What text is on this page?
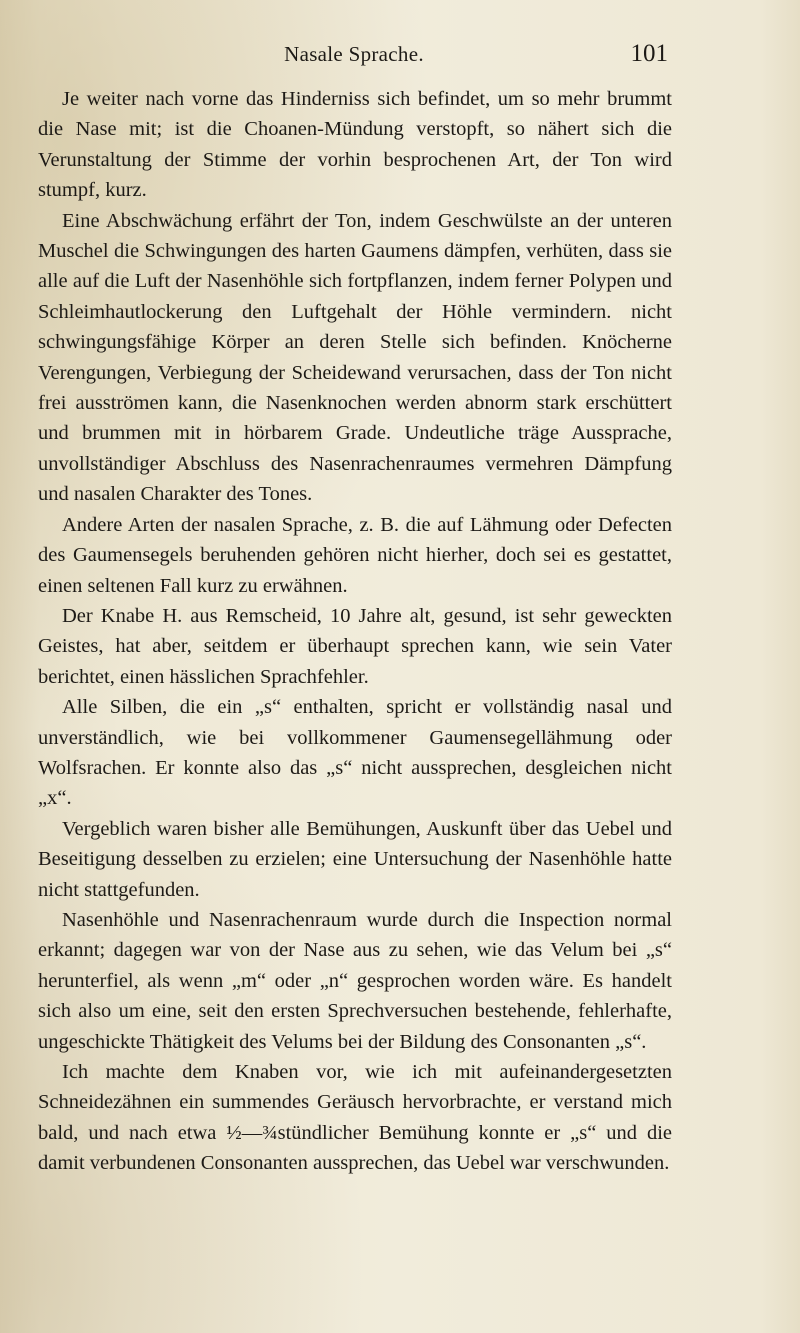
Nasale Sprache.	101

Je weiter nach vorne das Hinderniss sich befindet, um so mehr brummt die Nase mit; ist die Choanen-Mündung verstopft, so nähert sich die Verunstaltung der Stimme der vorhin besprochenen Art, der Ton wird stumpf, kurz.

Eine Abschwächung erfährt der Ton, indem Geschwülste an der unteren Muschel die Schwingungen des harten Gaumens dämpfen, verhüten, dass sie alle auf die Luft der Nasenhöhle sich fortpflanzen, indem ferner Polypen und Schleimhautlockerung den Luftgehalt der Höhle vermindern. nicht schwingungsfähige Körper an deren Stelle sich befinden. Knöcherne Verengungen, Verbiegung der Scheidewand verursachen, dass der Ton nicht frei ausströmen kann, die Nasenknochen werden abnorm stark erschüttert und brummen mit in hörbarem Grade. Undeutliche träge Aussprache, unvollständiger Abschluss des Nasenrachenraumes vermehren Dämpfung und nasalen Charakter des Tones.

Andere Arten der nasalen Sprache, z. B. die auf Lähmung oder Defecten des Gaumensegels beruhenden gehören nicht hierher, doch sei es gestattet, einen seltenen Fall kurz zu erwähnen.

Der Knabe H. aus Remscheid, 10 Jahre alt, gesund, ist sehr geweckten Geistes, hat aber, seitdem er überhaupt sprechen kann, wie sein Vater berichtet, einen hässlichen Sprachfehler.

Alle Silben, die ein „s“ enthalten, spricht er vollständig nasal und unverständlich, wie bei vollkommener Gaumensegellähmung oder Wolfsrachen. Er konnte also das „s“ nicht aussprechen, desgleichen nicht „x“.

Vergeblich waren bisher alle Bemühungen, Auskunft über das Uebel und Beseitigung desselben zu erzielen; eine Untersuchung der Nasenhöhle hatte nicht stattgefunden.

Nasenhöhle und Nasenrachenraum wurde durch die Inspection normal erkannt; dagegen war von der Nase aus zu sehen, wie das Velum bei „s“ herunterfiel, als wenn „m“ oder „n“ gesprochen worden wäre. Es handelt sich also um eine, seit den ersten Sprechversuchen bestehende, fehlerhafte, ungeschickte Thätigkeit des Velums bei der Bildung des Consonanten „s“.

Ich machte dem Knaben vor, wie ich mit aufeinandergesetzten Schneidezähnen ein summendes Geräusch hervorbrachte, er verstand mich bald, und nach etwa ½—¾stündlicher Bemühung konnte er „s“ und die damit verbundenen Consonanten aussprechen, das Uebel war verschwunden.
